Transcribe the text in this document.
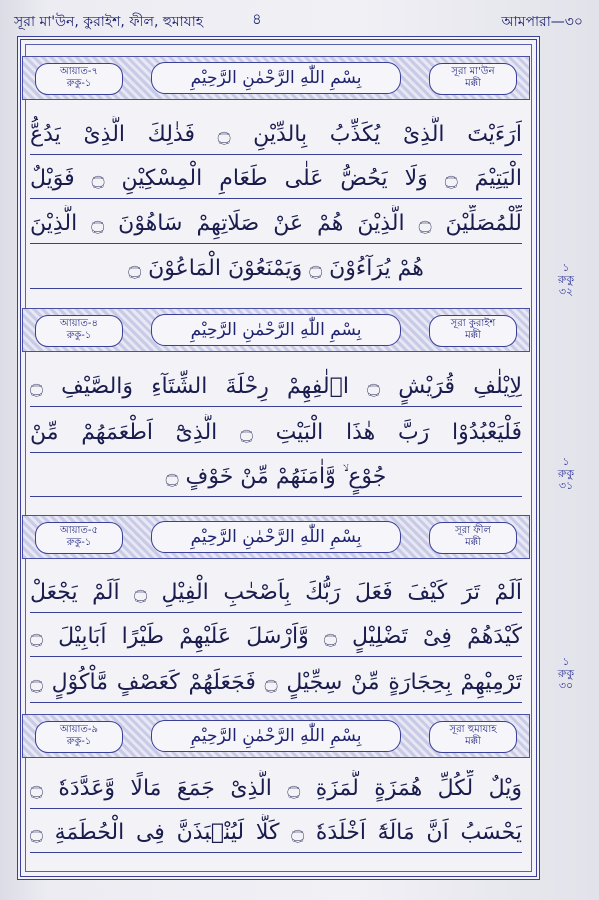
সূরা মা'উন, কুরাইশ, ফীল, হুমাযাহ	৪	আমপারা—৩০
আয়াত-৭
রুকু-১	بِسْمِ اللّٰهِ الرَّحْمٰنِ الرَّحِيْمِ	সূরা মা'উন
মক্কী
اَرَءَيْتَ الَّذِىْ يُكَذِّبُ بِالدِّيْنِ ۝ فَذٰلِكَ الَّذِىْ يَدُعُّ
الْيَتِيْمَ ۝ وَلَا يَحُضُّ عَلٰى طَعَامِ الْمِسْكِيْنِ ۝ فَوَيْلٌ
لِّلْمُصَلِّيْنَ ۝ الَّذِيْنَ هُمْ عَنْ صَلَاتِهِمْ سَاهُوْنَ ۝ الَّذِيْنَ
هُمْ يُرَآءُوْنَ ۝ وَيَمْنَعُوْنَ الْمَاعُوْنَ ۝
আয়াত-৪
রুকু-১	بِسْمِ اللّٰهِ الرَّحْمٰنِ الرَّحِيْمِ	সূরা কুরাইশ
মক্কী
لِاِيْلٰفِ قُرَيْشٍ ۝ اٖلٰفِهِمْ رِحْلَةَ الشِّتَآءِ وَالصَّيْفِ ۝
فَلْيَعْبُدُوْا رَبَّ هٰذَا الْبَيْتِ ۝ الَّذِىْٓ اَطْعَمَهُمْ مِّنْ
جُوْعٍ ۙ وَّاٰمَنَهُمْ مِّنْ خَوْفٍ ۝
আয়াত-৫
রুকু-১	بِسْمِ اللّٰهِ الرَّحْمٰنِ الرَّحِيْمِ	সূরা ফীল
মক্কী
اَلَمْ تَرَ كَيْفَ فَعَلَ رَبُّكَ بِاَصْحٰبِ الْفِيْلِ ۝ اَلَمْ يَجْعَلْ
كَيْدَهُمْ فِىْ تَضْلِيْلٍ ۝ وَّاَرْسَلَ عَلَيْهِمْ طَيْرًا اَبَابِيْلَ ۝
تَرْمِيْهِمْ بِحِجَارَةٍ مِّنْ سِجِّيْلٍ ۝ فَجَعَلَهُمْ كَعَصْفٍ مَّاْكُوْلٍ ۝
আয়াত-৯
রুকু-১	بِسْمِ اللّٰهِ الرَّحْمٰنِ الرَّحِيْمِ	সূরা হুমাযাহ
মক্কী
وَيْلٌ لِّكُلِّ هُمَزَةٍ لُّمَزَةِ ۝ الَّذِىْ جَمَعَ مَالًا وَّعَدَّدَهٗ ۝
يَحْسَبُ اَنَّ مَالَهٗٓ اَخْلَدَهٗ ۝ كَلَّا لَيُنْۢبَذَنَّ فِى الْحُطَمَةِ ۝
১
রুকু
৩২
১
রুকু
৩১
১
রুকু
৩০
